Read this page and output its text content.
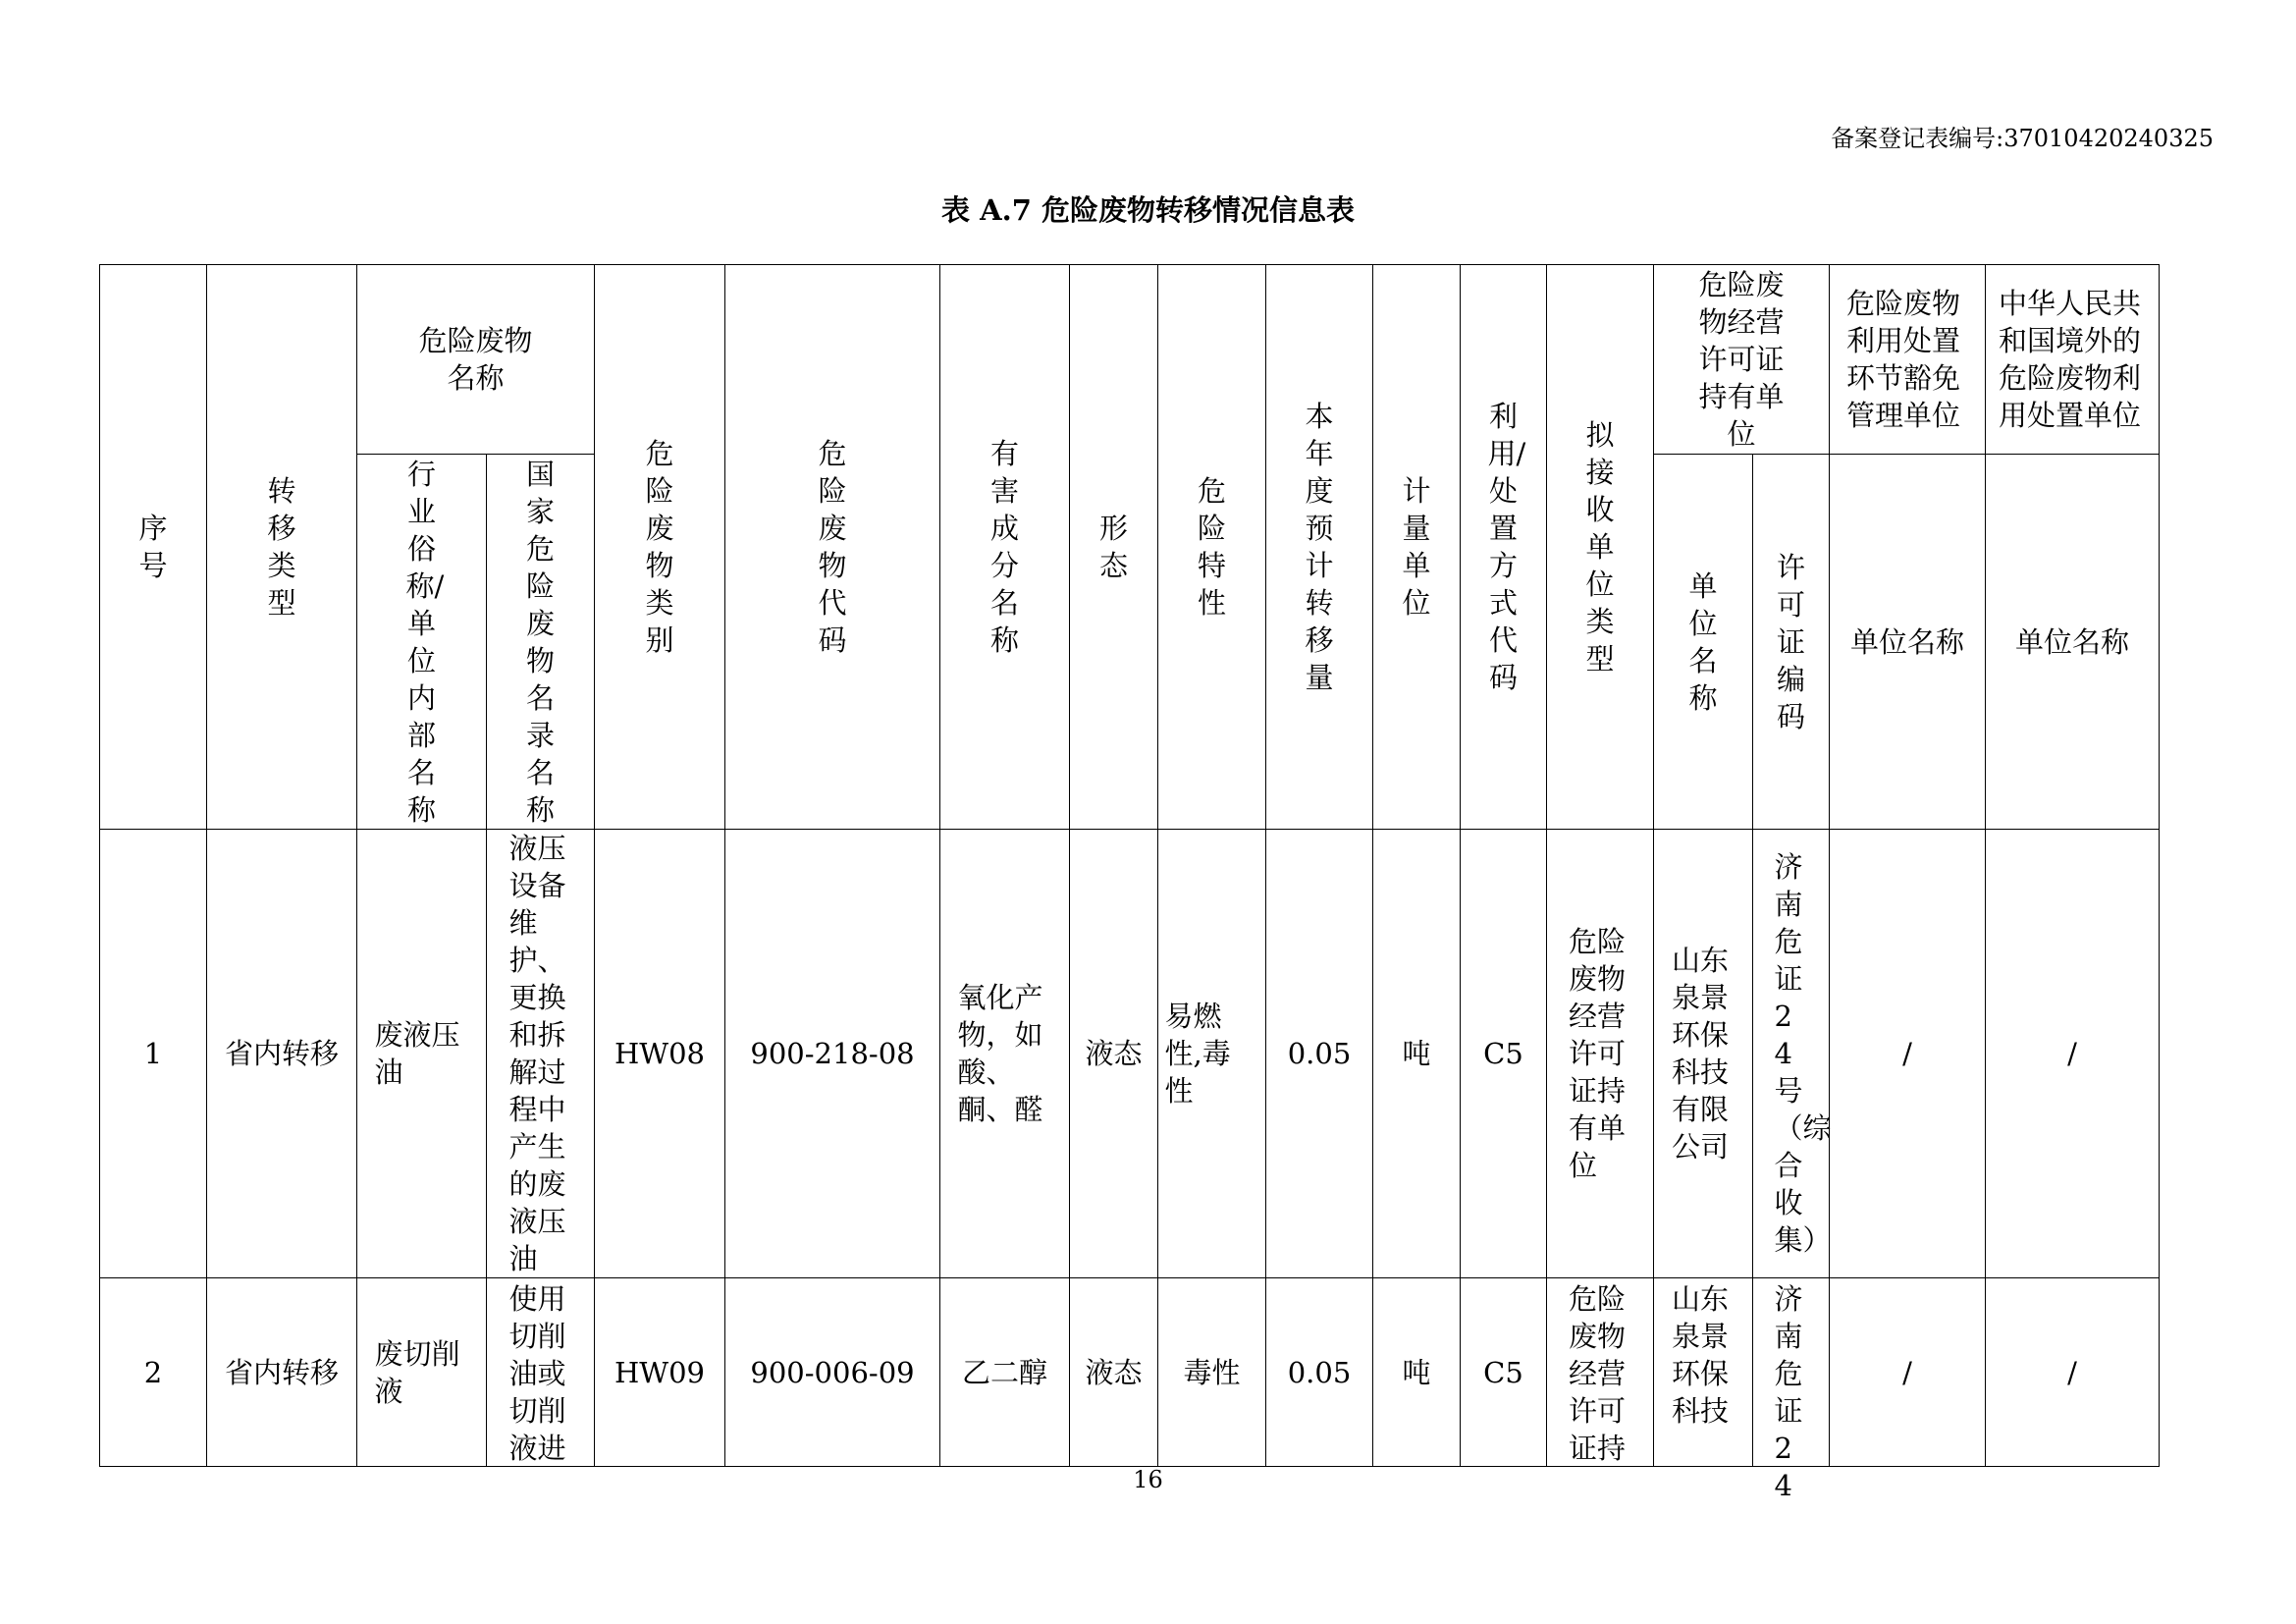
备案登记表编号:37010420240325
表 A.7 危险废物转移情况信息表
序号	转移类型	危险废物名称		危险废物类别	危险废物代码	有害成分名称	形态	危险特性	本年度预计转移量	计量单位	利用/处置方式代码	拟接收单位类型	危险废物经营许可证持有单位		危险废物利用处置环节豁免管理单位	中华人民共和国境外的危险废物利用处置单位
		行业俗称/单位内部名称	国家危险废物名录名称										单位名称	许可证编码	单位名称	单位名称
1	省内转移	废液压油	液压设备维护、更换和拆解过程中产生的废液压油	HW08	900-218-08	氧化产物，如酸、酮、醛	液态	易燃性,毒性	0.05	吨	C5	危险废物经营许可证持有单位	山东泉景环保科技有限公司	济南危证24号（综合收集）	/	/
2	省内转移	废切削液	使用切削油或切削液进	HW09	900-006-09	乙二醇	液态	毒性	0.05	吨	C5	危险废物经营许可证持	山东泉景环保科技	济南危证24	/	/
16
